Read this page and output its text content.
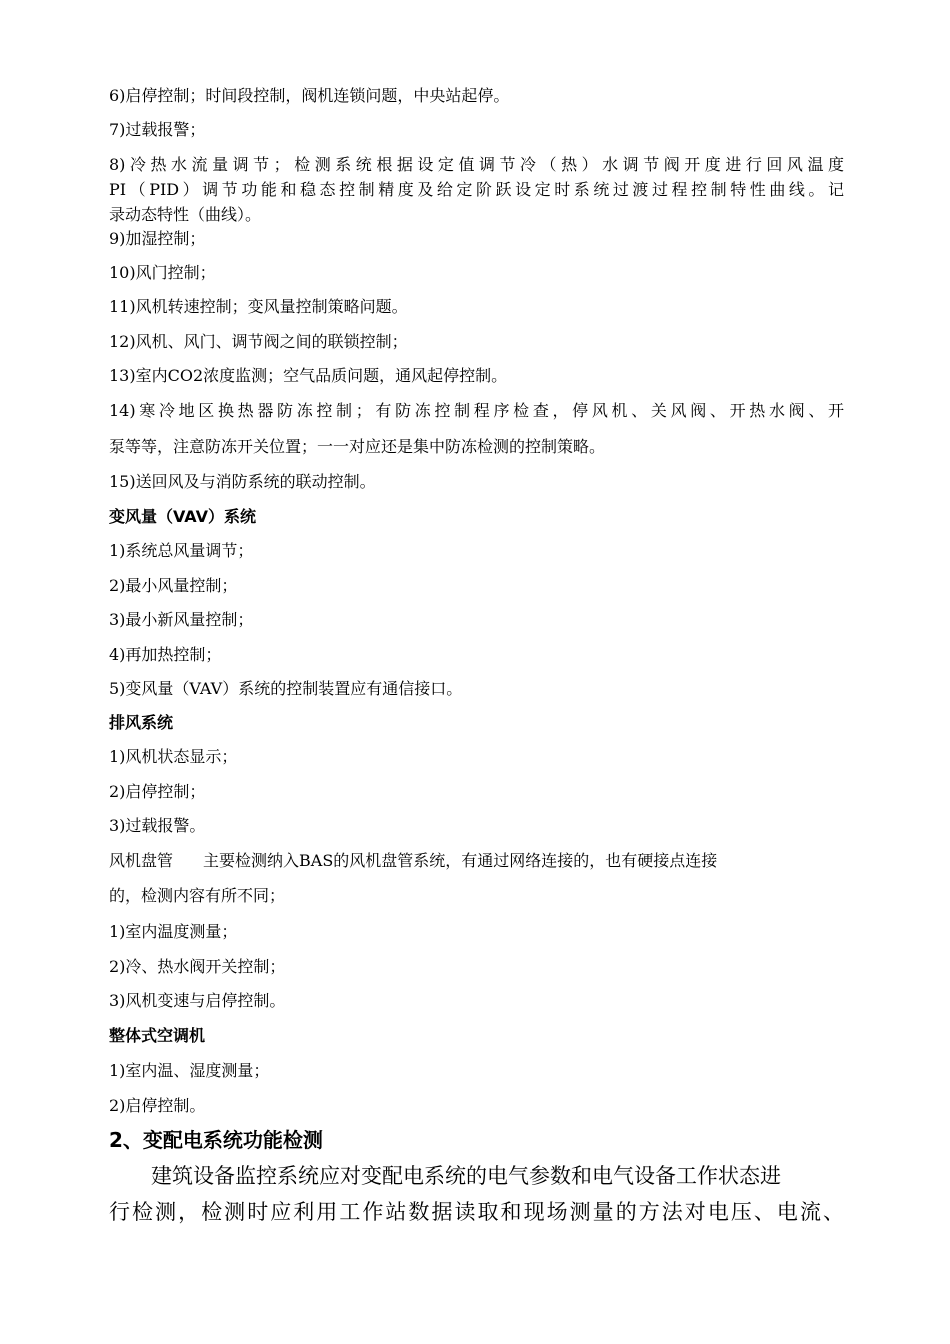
6)启停控制；时间段控制，阀机连锁问题，中央站起停。
7)过载报警；
8)冷热水流量调节；检测系统根据设定值调节冷（热）水调节阀开度进行回风温度
PI（PID）调节功能和稳态控制精度及给定阶跃设定时系统过渡过程控制特性曲线。记
录动态特性（曲线）。
9)加湿控制；
10)风门控制；
11)风机转速控制；变风量控制策略问题。
12)风机、风门、调节阀之间的联锁控制；
13)室内CO2浓度监测；空气品质问题，通风起停控制。
14)寒冷地区换热器防冻控制；有防冻控制程序检查，停风机、关风阀、开热水阀、开
泵等等，注意防冻开关位置；一一对应还是集中防冻检测的控制策略。
15)送回风及与消防系统的联动控制。
变风量（VAV）系统
1)系统总风量调节；
2)最小风量控制；
3)最小新风量控制；
4)再加热控制；
5)变风量（VAV）系统的控制装置应有通信接口。
排风系统
1)风机状态显示；
2)启停控制；
3)过载报警。
风机盘管 主要检测纳入BAS的风机盘管系统，有通过网络连接的，也有硬接点连接
的，检测内容有所不同；
1)室内温度测量；
2)冷、热水阀开关控制；
3)风机变速与启停控制。
整体式空调机
1)室内温、湿度测量；
2)启停控制。
2、变配电系统功能检测
建筑设备监控系统应对变配电系统的电气参数和电气设备工作状态进
行检测，检测时应利用工作站数据读取和现场测量的方法对电压、电流、
